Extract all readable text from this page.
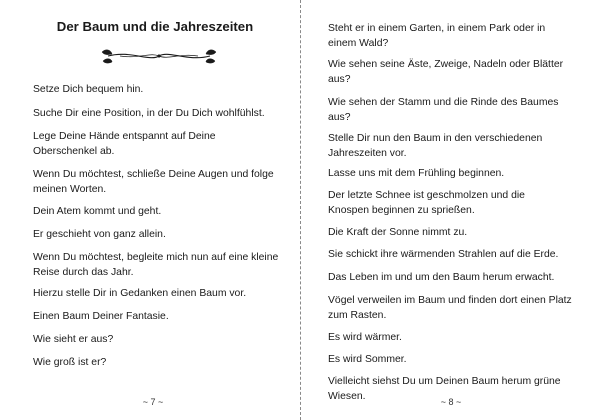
Der Baum und die Jahreszeiten

Setze Dich bequem hin.

Suche Dir eine Position, in der Du Dich wohlfühlst.

Lege Deine Hände entspannt auf Deine
Oberschenkel ab.

Wenn Du möchtest, schließe Deine Augen und folge
meinen Worten.

Dein Atem kommt und geht.

Er geschieht von ganz allein.

Wenn Du möchtest, begleite mich nun auf eine kleine
Reise durch das Jahr.

Hierzu stelle Dir in Gedanken einen Baum vor.

Einen Baum Deiner Fantasie.

Wie sieht er aus?

Wie groß ist er?

~ 7 ~

Steht er in einem Garten, in einem Park oder in
einem Wald?

Wie sehen seine Äste, Zweige, Nadeln oder Blätter
aus?

Wie sehen der Stamm und die Rinde des Baumes
aus?

Stelle Dir nun den Baum in den verschiedenen
Jahreszeiten vor.

Lasse uns mit dem Frühling beginnen.

Der letzte Schnee ist geschmolzen und die
Knospen beginnen zu sprießen.

Die Kraft der Sonne nimmt zu.

Sie schickt ihre wärmenden Strahlen auf die Erde.

Das Leben im und um den Baum herum erwacht.

Vögel verweilen im Baum und finden dort einen Platz
zum Rasten.

Es wird wärmer.

Es wird Sommer.

Vielleicht siehst Du um Deinen Baum herum grüne
Wiesen.	~ 8 ~
